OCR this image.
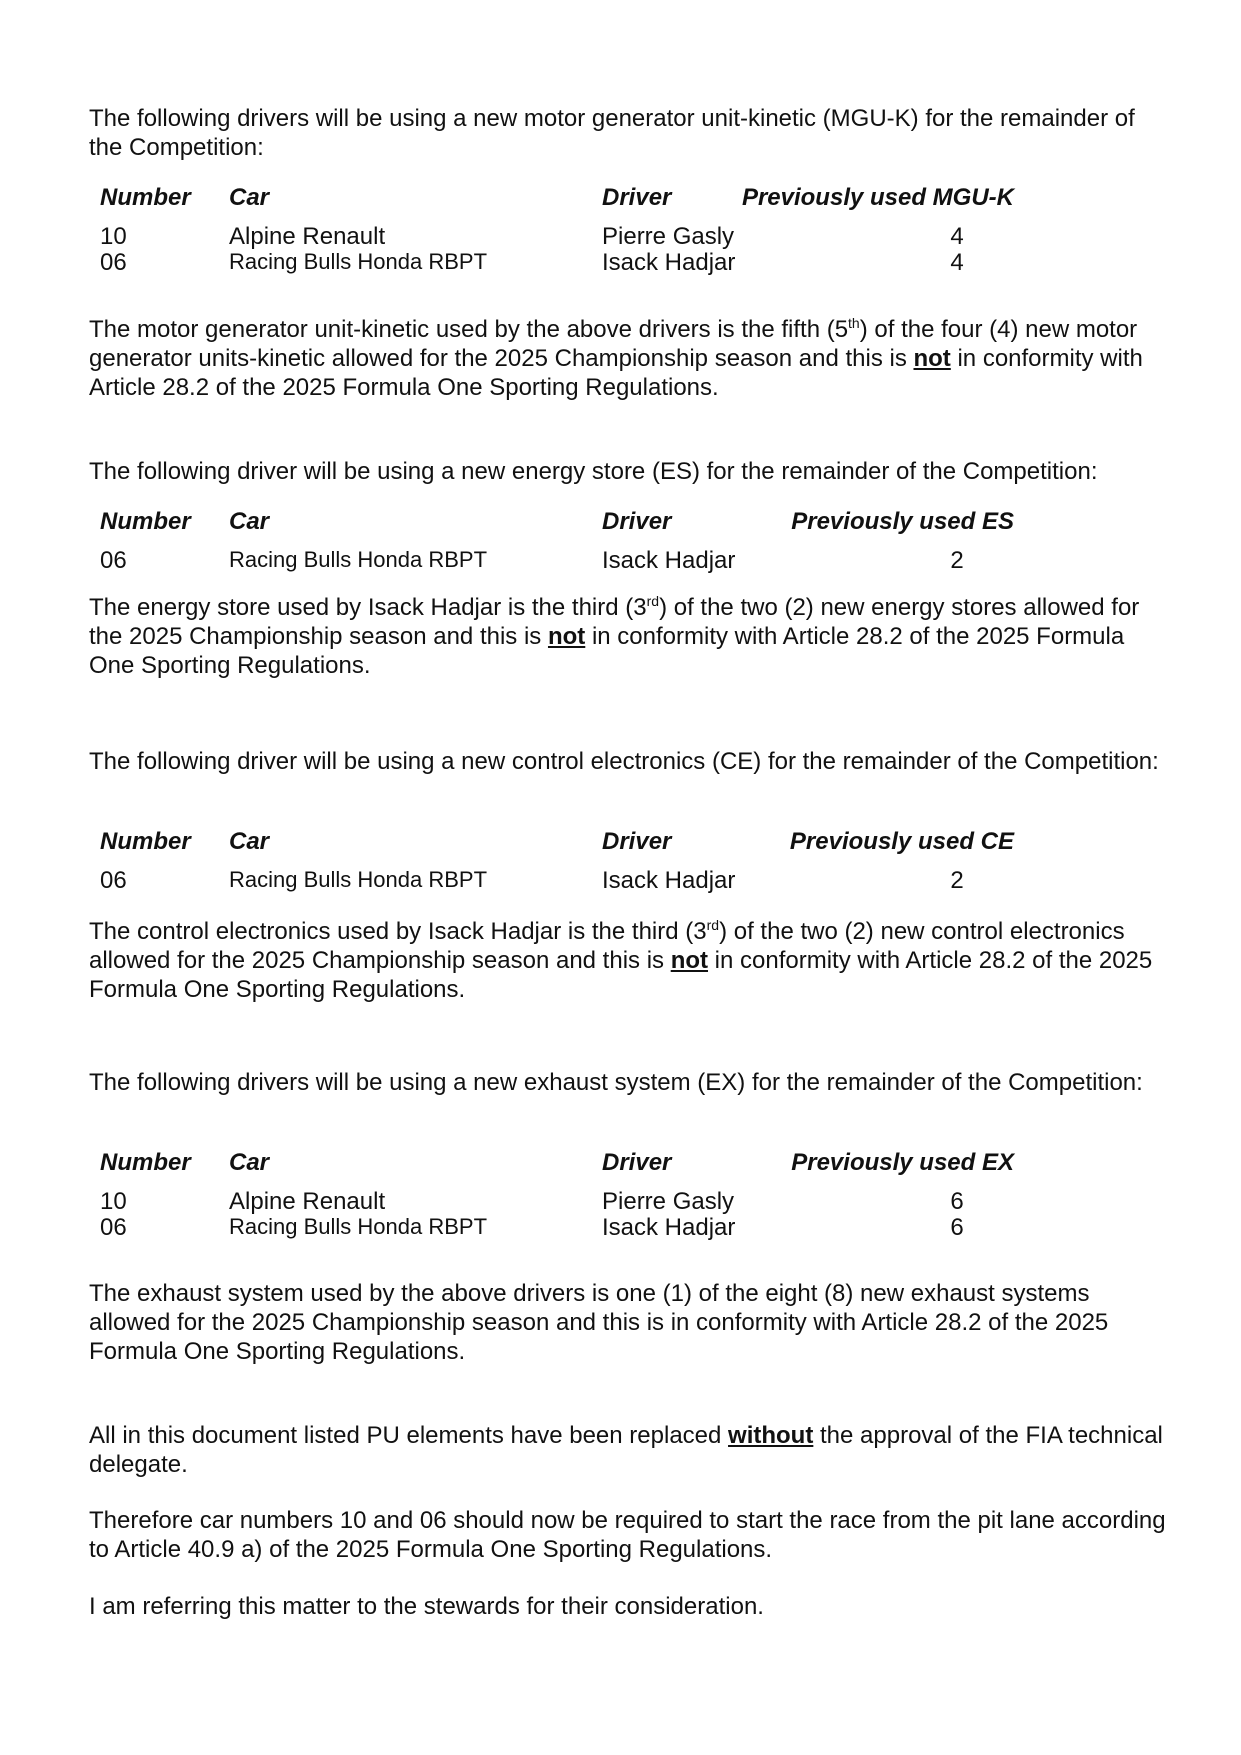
The following drivers will be using a new motor generator unit-kinetic (MGU-K) for the remainder of the Competition:

Number Car	Driver	Previously used MGU-K
10	Alpine Renault	Pierre Gasly	4
06	Racing Bulls Honda RBPT	Isack Hadjar	4

The motor generator unit-kinetic used by the above drivers is the fifth (5th) of the four (4) new motor generator units-kinetic allowed for the 2025 Championship season and this is not in conformity with Article 28.2 of the 2025 Formula One Sporting Regulations.

The following driver will be using a new energy store (ES) for the remainder of the Competition:

Number Car	Driver	Previously used ES
06	Racing Bulls Honda RBPT	Isack Hadjar	2

The energy store used by Isack Hadjar is the third (3rd) of the two (2) new energy stores allowed for the 2025 Championship season and this is not in conformity with Article 28.2 of the 2025 Formula One Sporting Regulations.

The following driver will be using a new control electronics (CE) for the remainder of the Competition:

Number Car	Driver	Previously used CE
06	Racing Bulls Honda RBPT	Isack Hadjar	2

The control electronics used by Isack Hadjar is the third (3rd) of the two (2) new control electronics allowed for the 2025 Championship season and this is not in conformity with Article 28.2 of the 2025 Formula One Sporting Regulations.

The following drivers will be using a new exhaust system (EX) for the remainder of the Competition:

Number Car	Driver	Previously used EX
10	Alpine Renault	Pierre Gasly	6
06	Racing Bulls Honda RBPT	Isack Hadjar	6

The exhaust system used by the above drivers is one (1) of the eight (8) new exhaust systems allowed for the 2025 Championship season and this is in conformity with Article 28.2 of the 2025 Formula One Sporting Regulations.

All in this document listed PU elements have been replaced without the approval of the FIA technical delegate.

Therefore car numbers 10 and 06 should now be required to start the race from the pit lane according to Article 40.9 a) of the 2025 Formula One Sporting Regulations.

I am referring this matter to the stewards for their consideration.
